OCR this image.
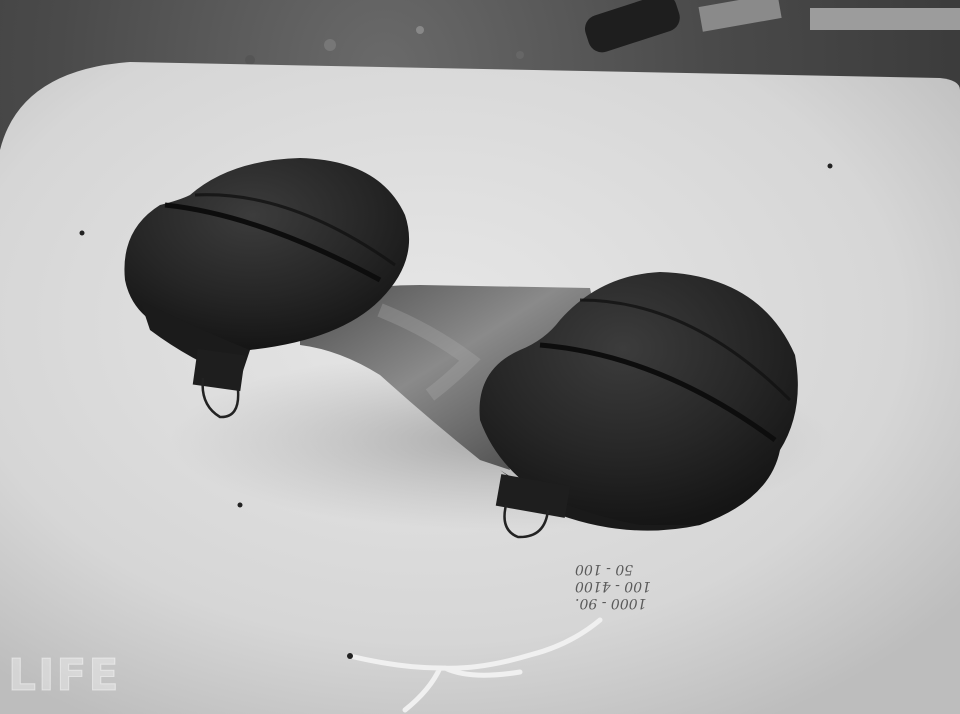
1000 - 90.
100 - 4100
50 - 100
LIFE
